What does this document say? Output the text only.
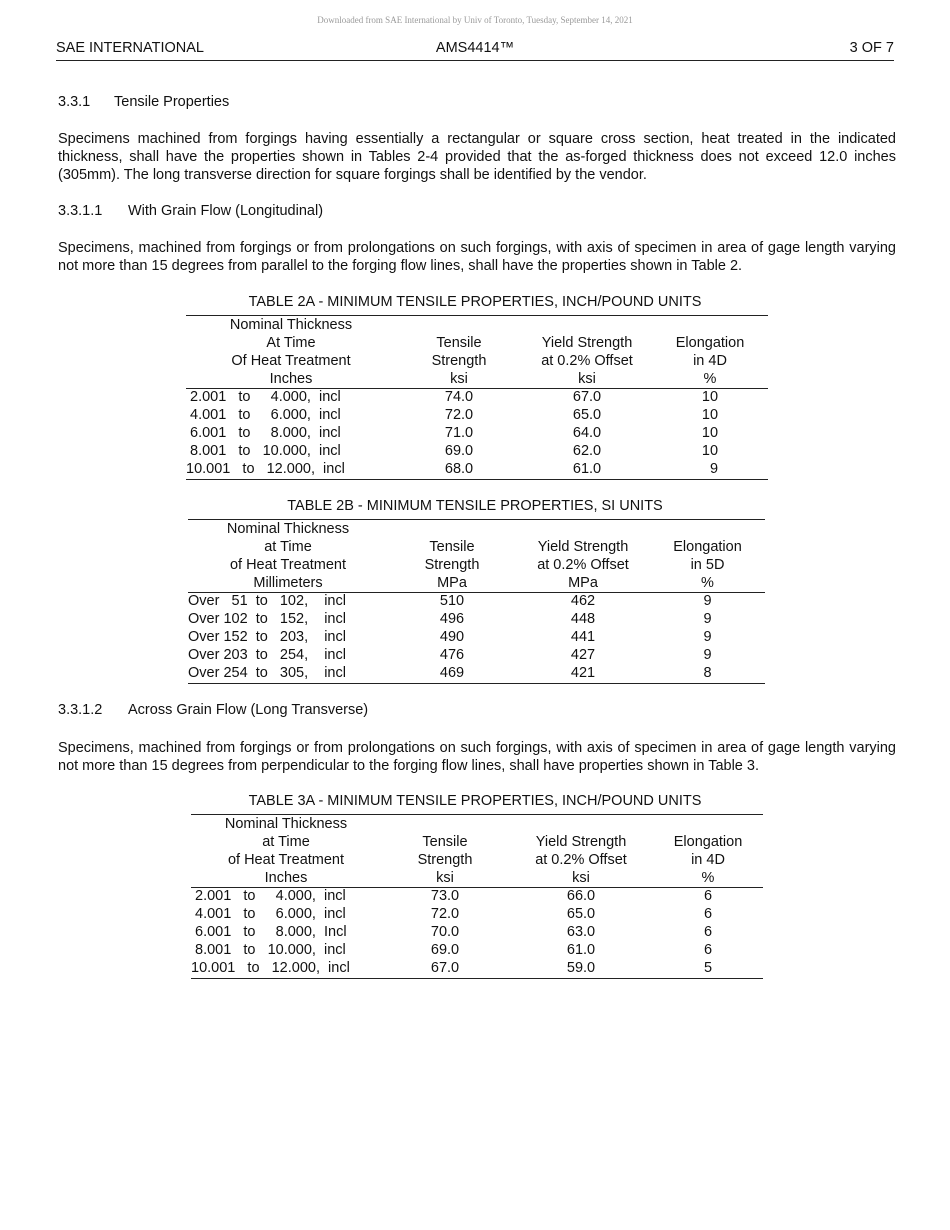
Downloaded from SAE International by Univ of Toronto, Tuesday, September 14, 2021
SAE INTERNATIONAL	AMS4414™	3 OF 7
3.3.1 Tensile Properties
Specimens machined from forgings having essentially a rectangular or square cross section, heat treated in the indicated thickness, shall have the properties shown in Tables 2-4 provided that the as-forged thickness does not exceed 12.0 inches (305mm). The long transverse direction for square forgings shall be identified by the vendor.
3.3.1.1 With Grain Flow (Longitudinal)
Specimens, machined from forgings or from prolongations on such forgings, with axis of specimen in area of gage length varying not more than 15 degrees from parallel to the forging flow lines, shall have the properties shown in Table 2.
TABLE 2A - MINIMUM TENSILE PROPERTIES, INCH/POUND UNITS
Nominal Thickness			
At Time	Tensile	Yield Strength	Elongation
Of Heat Treatment	Strength	at 0.2% Offset	in 4D
Inches	ksi	ksi	%
2.001   to     4.000,  incl	74.0	67.0	10
4.001   to     6.000,  incl	72.0	65.0	10
6.001   to     8.000,  incl	71.0	64.0	10
8.001   to   10.000,  incl	69.0	62.0	10
10.001   to   12.000,  incl	68.0	61.0	9
TABLE 2B - MINIMUM TENSILE PROPERTIES, SI UNITS
Nominal Thickness			
at Time	Tensile	Yield Strength	Elongation
of Heat Treatment	Strength	at 0.2% Offset	in 5D
Millimeters	MPa	MPa	%
Over   51  to   102,    incl	510	462	9
Over 102  to   152,    incl	496	448	9
Over 152  to   203,    incl	490	441	9
Over 203  to   254,    incl	476	427	9
Over 254  to   305,    incl	469	421	8
3.3.1.2 Across Grain Flow (Long Transverse)
Specimens, machined from forgings or from prolongations on such forgings, with axis of specimen in area of gage length varying not more than 15 degrees from perpendicular to the forging flow lines, shall have properties shown in Table 3.
TABLE 3A - MINIMUM TENSILE PROPERTIES, INCH/POUND UNITS
Nominal Thickness			
at Time	Tensile	Yield Strength	Elongation
of Heat Treatment	Strength	at 0.2% Offset	in 4D
Inches	ksi	ksi	%
2.001   to     4.000,  incl	73.0	66.0	6
4.001   to     6.000,  incl	72.0	65.0	6
6.001   to     8.000,  Incl	70.0	63.0	6
8.001   to   10.000,  incl	69.0	61.0	6
10.001   to   12.000,  incl	67.0	59.0	5
